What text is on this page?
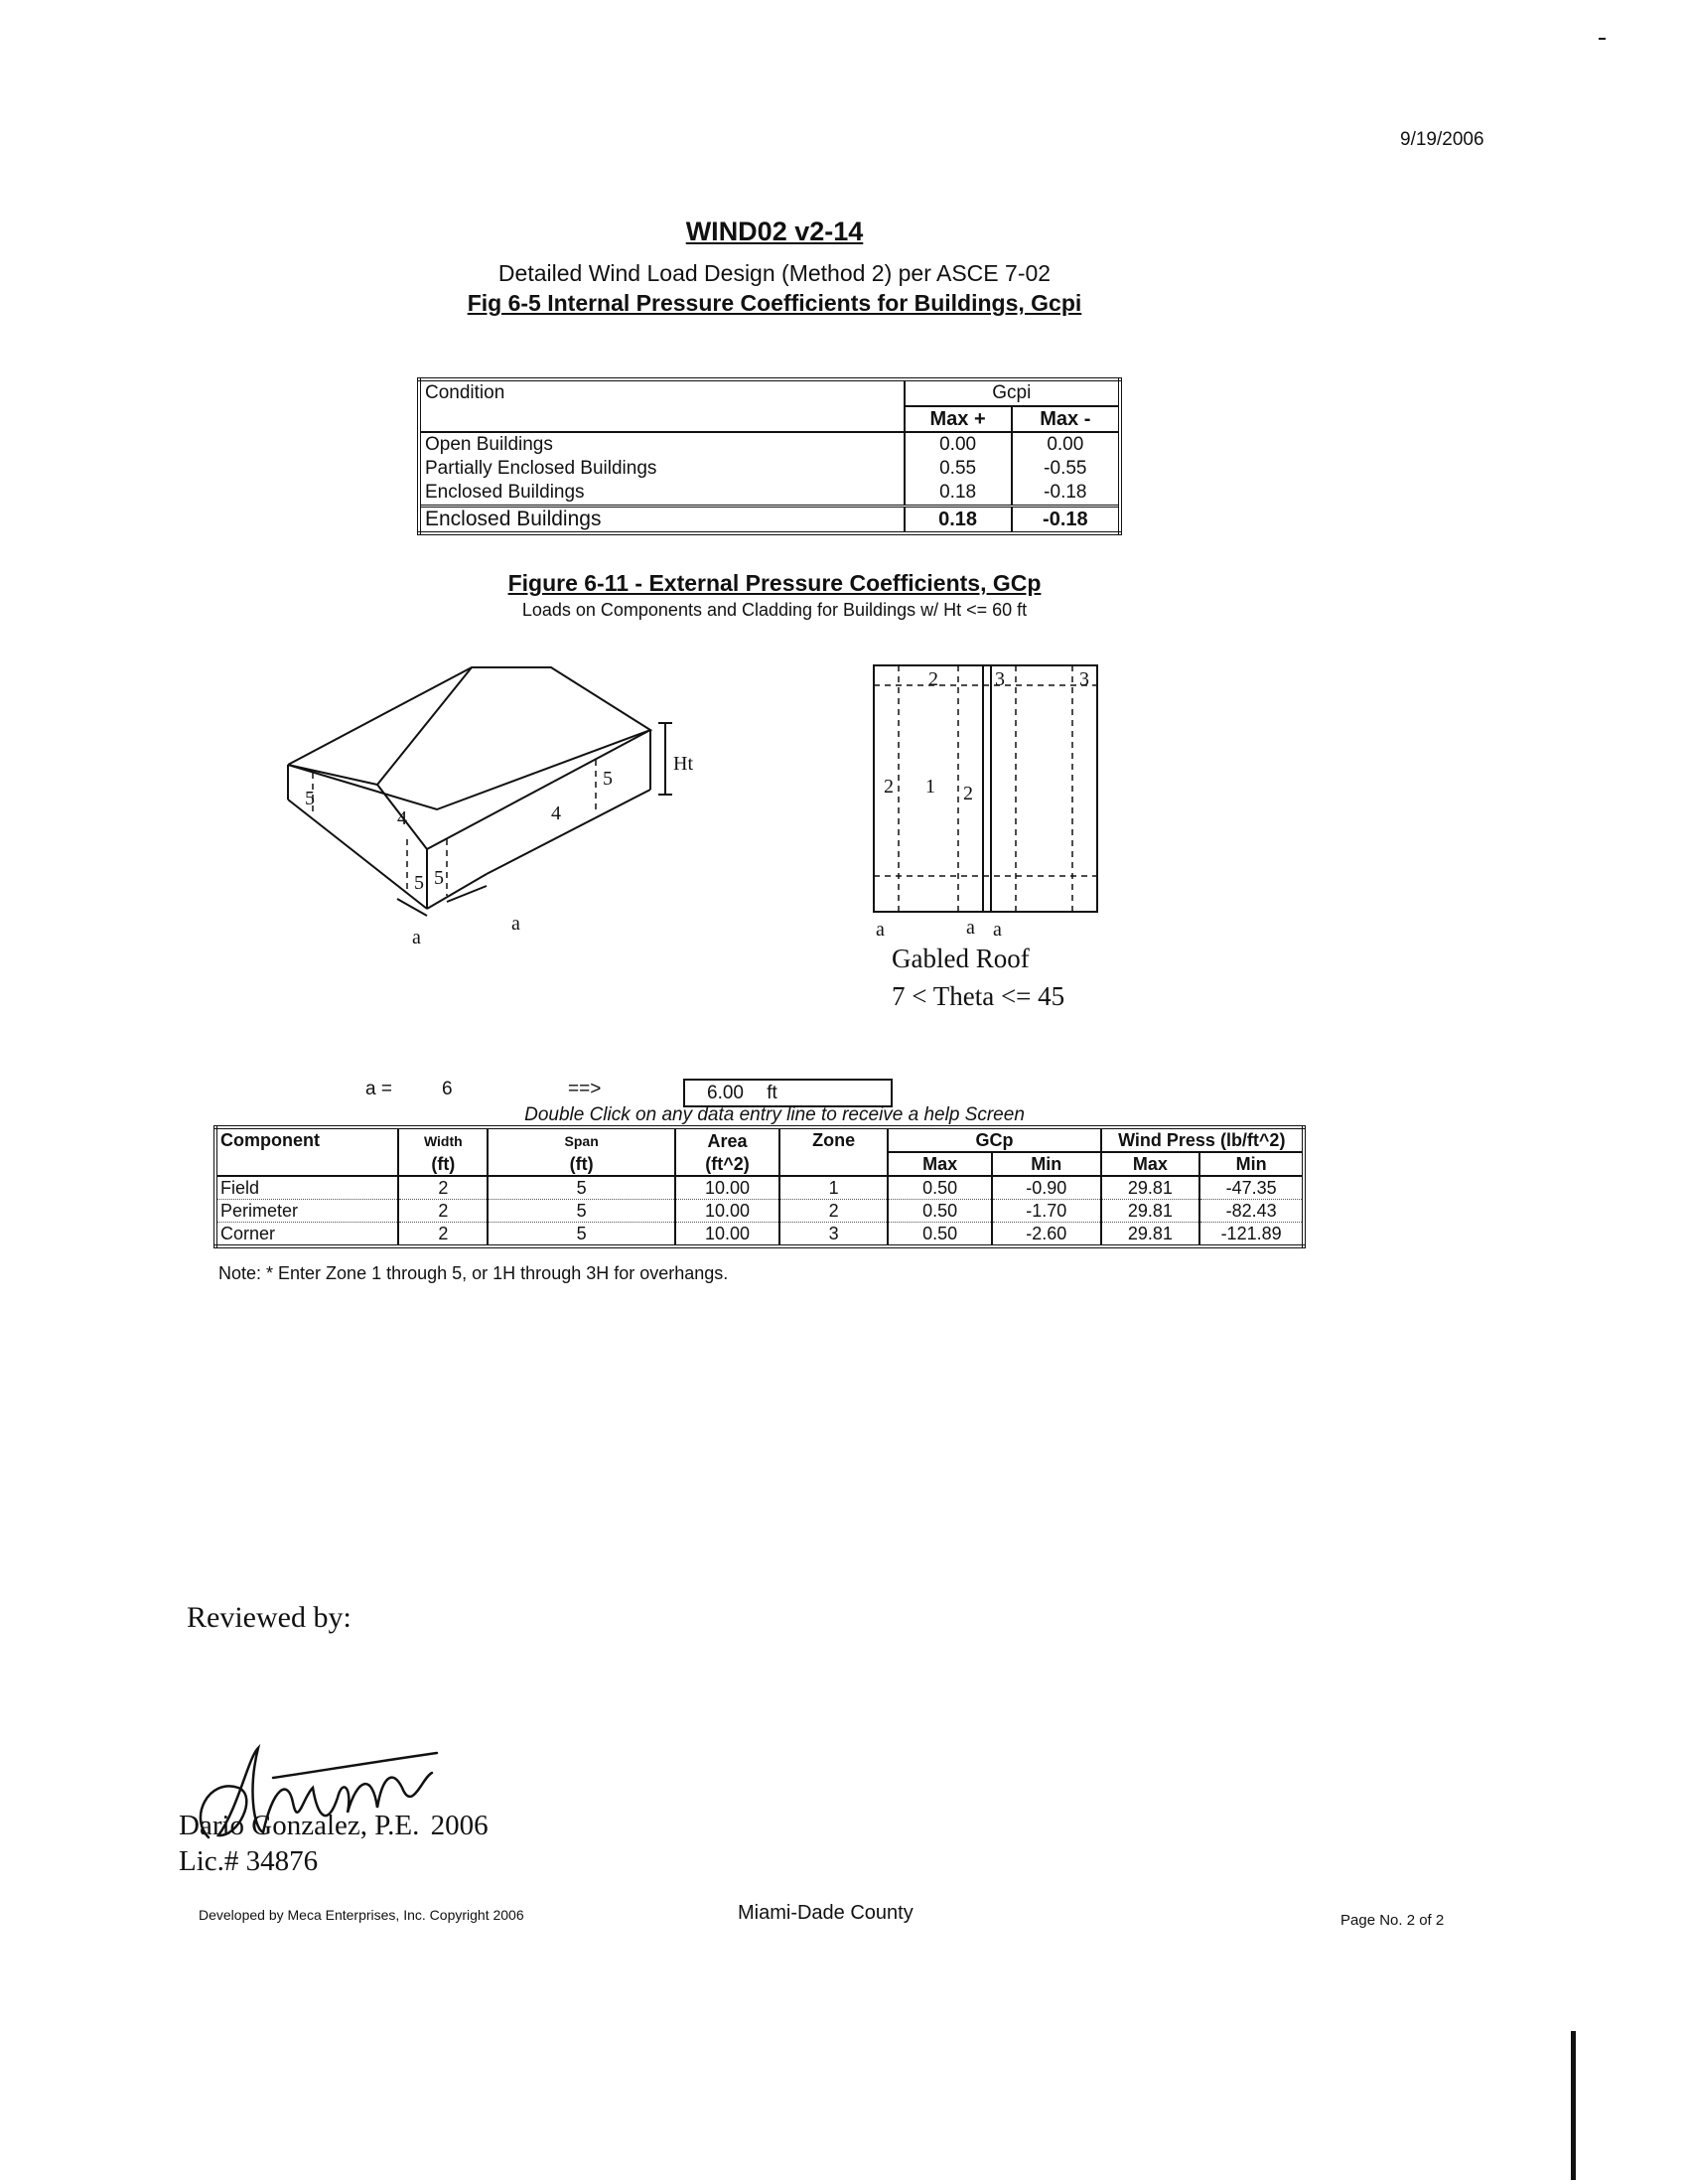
9/19/2006
WIND02 v2-14
Detailed Wind Load Design (Method 2) per ASCE 7-02
Fig 6-5 Internal Pressure Coefficients for Buildings, Gcpi
Condition	Gcpi	
	Max +	Max -
Open Buildings	0.00	0.00
Partially Enclosed Buildings	0.55	-0.55
Enclosed Buildings	0.18	-0.18
Enclosed Buildings	0.18	-0.18
Figure 6-11 - External Pressure Coefficients, GCp
Loads on Components and Cladding for Buildings w/ Ht <= 60 ft
Ht
5
4	4
5
5 5
a
a
2	3	3
2 1 2
a	a a
Gabled Roof
7 < Theta <= 45
a =	6	==>	6.00 ft
Double Click on any data entry line to receive a help Screen
Component	Width	Span	Area	Zone	GCp		Wind Press (lb/ft^2)	
	(ft)	(ft)	(ft^2)		Max	Min	Max	Min
Field	2	5	10.00	1	0.50	-0.90	29.81	-47.35
Perimeter	2	5	10.00	2	0.50	-1.70	29.81	-82.43
Corner	2	5	10.00	3	0.50	-2.60	29.81	-121.89
Note: * Enter Zone 1 through 5, or 1H through 3H for overhangs.
Reviewed by:
Dario Gonzalez, P.E. 2006
Lic.# 34876
Developed by Meca Enterprises, Inc. Copyright 2006	Miami-Dade County	Page No. 2 of 2
